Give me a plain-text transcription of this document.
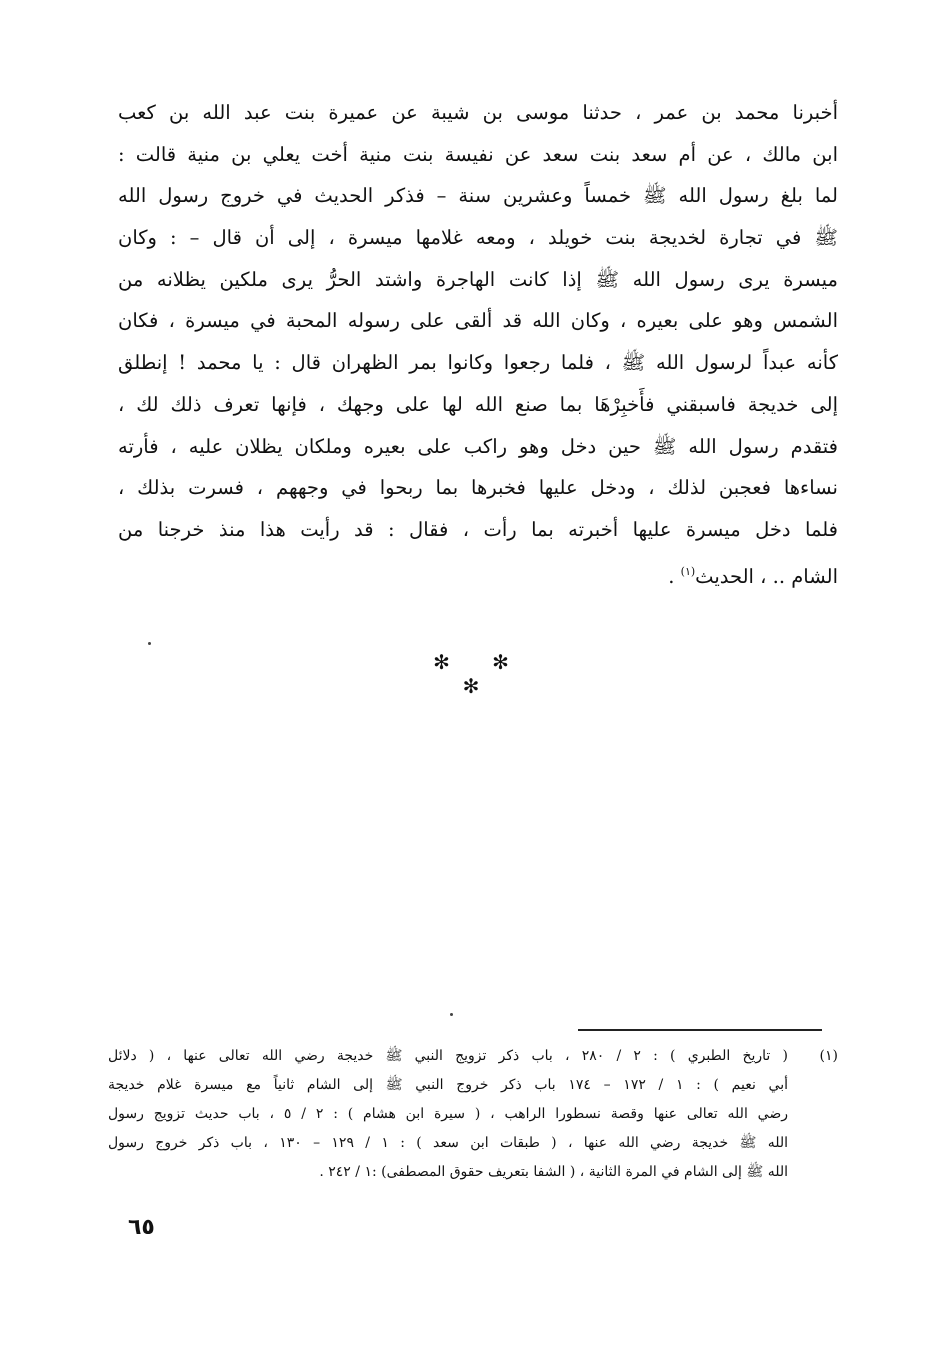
أخبرنا محمد بن عمر ، حدثنا موسى بن شيبة عن عميرة بنت عبد الله بن كعب
ابن مالك ، عن أم سعد بنت سعد عن نفيسة بنت منية أخت يعلي بن منية قالت :
لما بلغ رسول الله ﷺ خمساً وعشرين سنة – فذكر الحديث في خروج رسول الله
ﷺ في تجارة لخديجة بنت خويلد ، ومعه غلامها ميسرة ، إلى أن قال – : وكان
ميسرة يرى رسول الله ﷺ إذا كانت الهاجرة واشتد الحرُّ يرى ملكين يظلانه من
الشمس وهو على بعيره ، وكان الله قد ألقى على رسوله المحبة في ميسرة ، فكان
كأنه عبداً لرسول الله ﷺ ، فلما رجعوا وكانوا بمر الظهران قال : يا محمد ! إنطلق
إلى خديجة فاسبقني فأَخبِرْهَا بما صنع الله لها على وجهك ، فإنها تعرف ذلك لك ،
فتقدم رسول الله ﷺ حين دخل وهو راكب على بعيره وملكان يظلان عليه ، فأرته
نساءها فعجبن لذلك ، ودخل عليها فخبرها بما ربحوا في وجههم ، فسرت بذلك ،
فلما دخل ميسرة عليها أخبرته بما رأت ، فقال : قد رأيت هذا منذ خرجنا من
الشام .. ، الحديث$^{(١)}$ .
✻ ✻ ✻
(١)
( تاريخ الطبري ) : ٢ / ٢٨٠ ، باب ذكر تزويج النبي ﷺ خديجة رضي الله تعالى عنها ، ( دلائل
أبي نعيم ) : ١ / ١٧٢ – ١٧٤ باب ذكر خروج النبي ﷺ إلى الشام ثانياً مع ميسرة غلام خديجة
رضي الله تعالى عنها وقصة نسطورا الراهب ، ( سيرة ابن هشام ) : ٢ / ٥ ، باب حديث تزويج رسول
الله ﷺ خديجة رضي الله عنها ، ( طبقات ابن سعد ) : ١ / ١٢٩ – ١٣٠ ، باب ذكر خروج رسول
الله ﷺ إلى الشام في المرة الثانية ، ( الشفا بتعريف حقوق المصطفى) :١ / ٢٤٢ .
٦٥
